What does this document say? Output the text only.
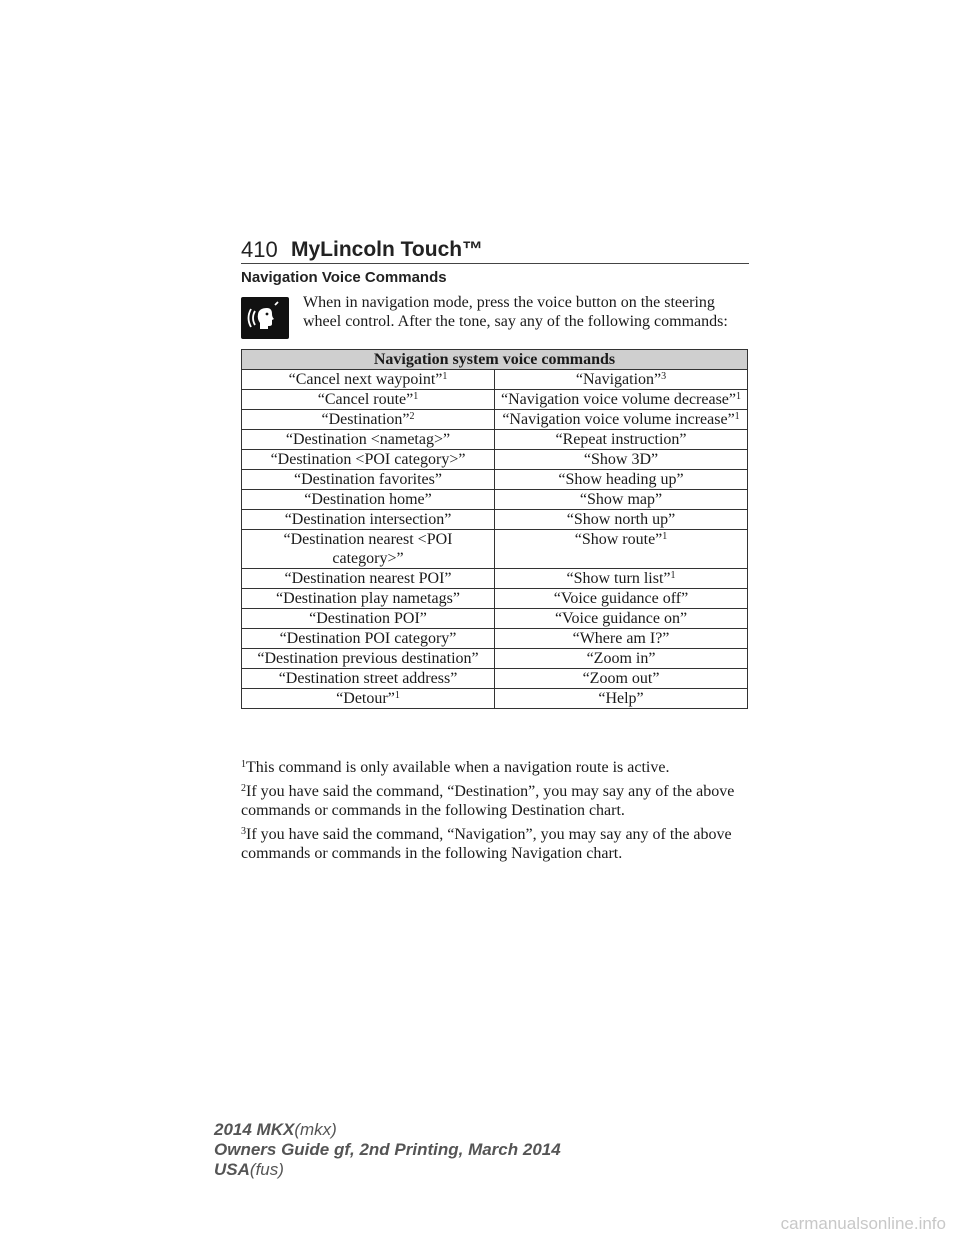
410 MyLincoln Touch™
Navigation Voice Commands

When in navigation mode, press the voice button on the steering wheel control. After the tone, say any of the following commands:

Navigation system voice commands	
“Cancel next waypoint”$^1$	“Navigation”$^3$
“Cancel route”$^1$	“Navigation voice volume decrease”$^1$
“Destination”$^2$	“Navigation voice volume increase”$^1$
“Destination <nametag>”	“Repeat instruction”
“Destination <POI category>”	“Show 3D”
“Destination favorites”	“Show heading up”
“Destination home”	“Show map”
“Destination intersection”	“Show north up”
“Destination nearest <POI category>”	“Show route”$^1$
“Destination nearest POI”	“Show turn list”$^1$
“Destination play nametags”	“Voice guidance off”
“Destination POI”	“Voice guidance on”
“Destination POI category”	“Where am I?”
“Destination previous destination”	“Zoom in”
“Destination street address”	“Zoom out”
“Detour”$^1$	“Help”

$^1$This command is only available when a navigation route is active.

$^2$If you have said the command, “Destination”, you may say any of the above commands or commands in the following Destination chart.

$^3$If you have said the command, “Navigation”, you may say any of the above commands or commands in the following Navigation chart.

2014 MKX(mkx)
Owners Guide gf, 2nd Printing, March 2014
USA(fus)
carmanualsonline.info
